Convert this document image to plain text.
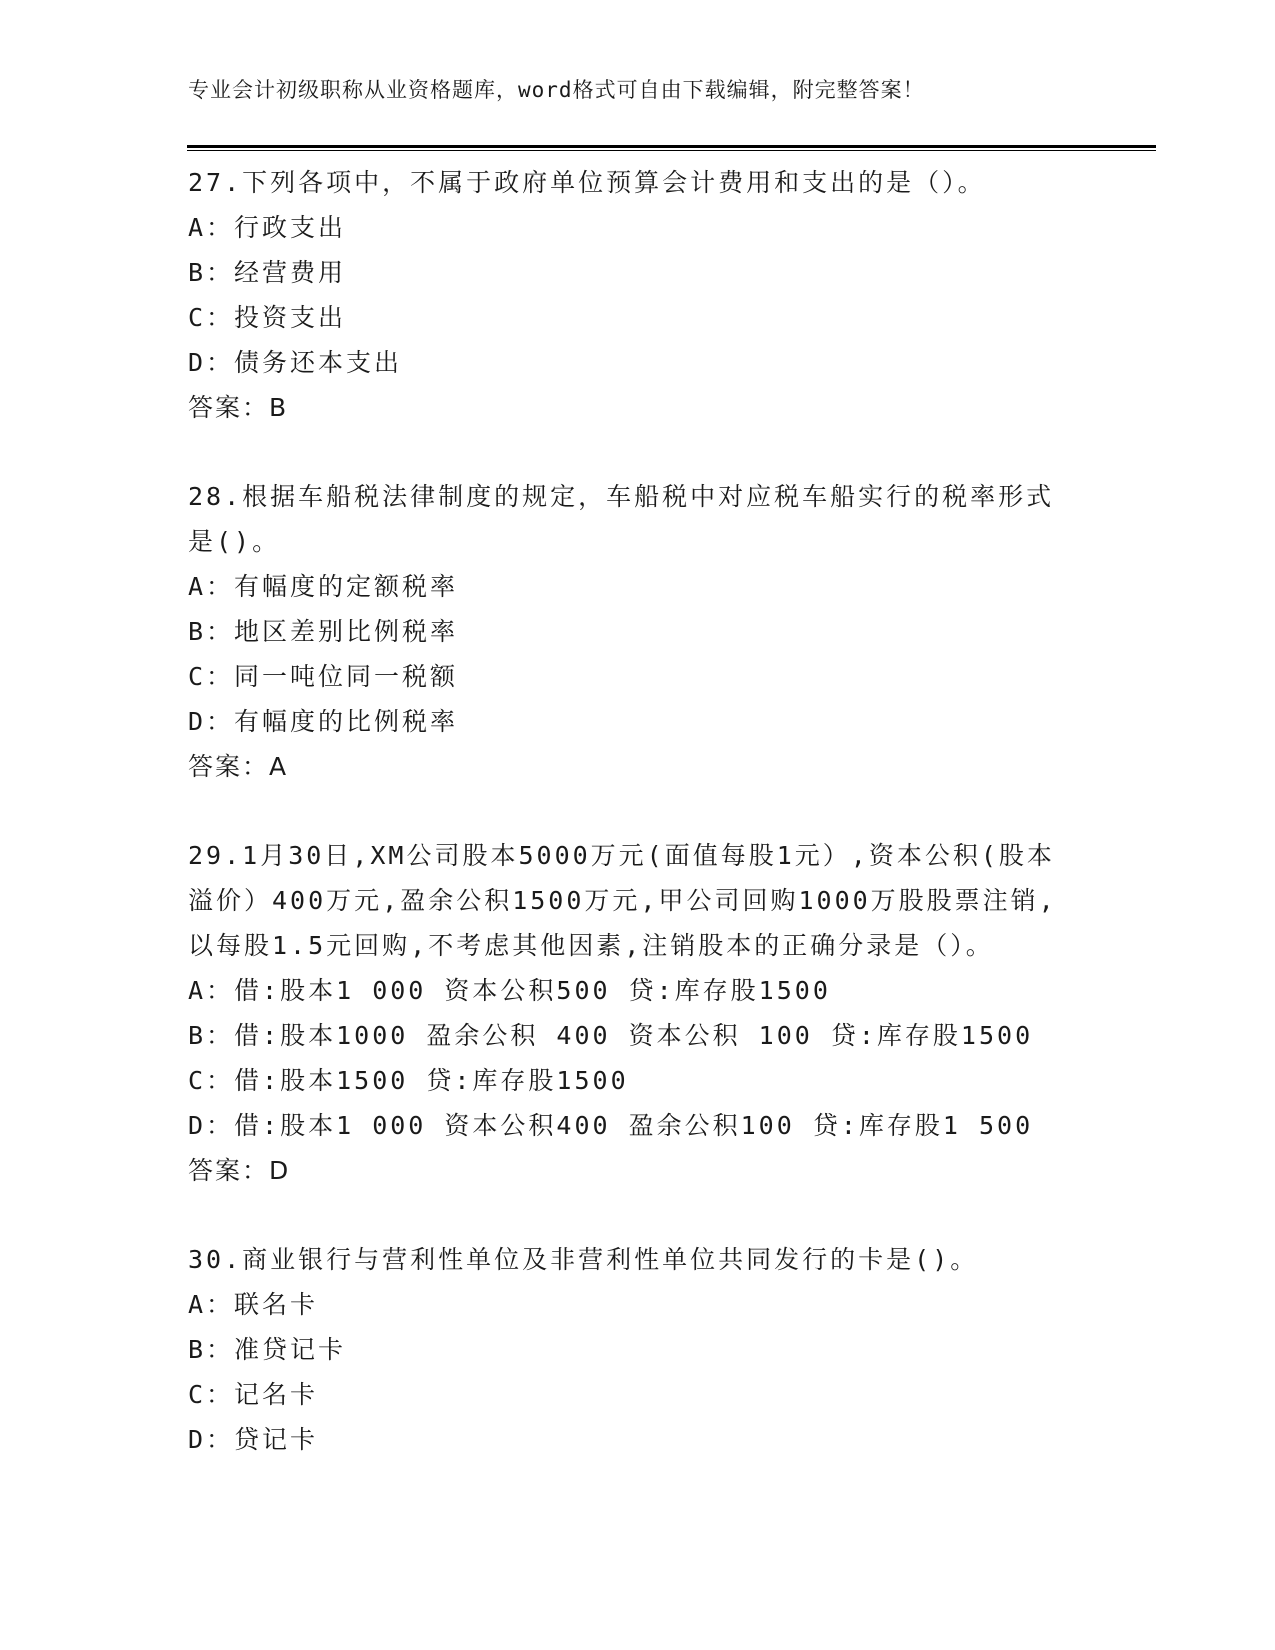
专业会计初级职称从业资格题库，word格式可自由下载编辑，附完整答案！
27.下列各项中，不属于政府单位预算会计费用和支出的是（）。
A：行政支出
B：经营费用
C：投资支出
D：债务还本支出
答案：B
28.根据车船税法律制度的规定，车船税中对应税车船实行的税率形式是()。
A：有幅度的定额税率
B：地区差别比例税率
C：同一吨位同一税额
D：有幅度的比例税率
答案：A
29.1月30日,XM公司股本5000万元(面值每股1元）,资本公积(股本溢价）400万元,盈余公积1500万元,甲公司回购1000万股股票注销,以每股1.5元回购,不考虑其他因素,注销股本的正确分录是（）。
A：借:股本1 000 资本公积500 贷:库存股1500
B：借:股本1000 盈余公积 400 资本公积 100 贷:库存股1500
C：借:股本1500 贷:库存股1500
D：借:股本1 000 资本公积400 盈余公积100 贷:库存股1 500
答案：D
30.商业银行与营利性单位及非营利性单位共同发行的卡是()。
A：联名卡
B：准贷记卡
C：记名卡
D：贷记卡
